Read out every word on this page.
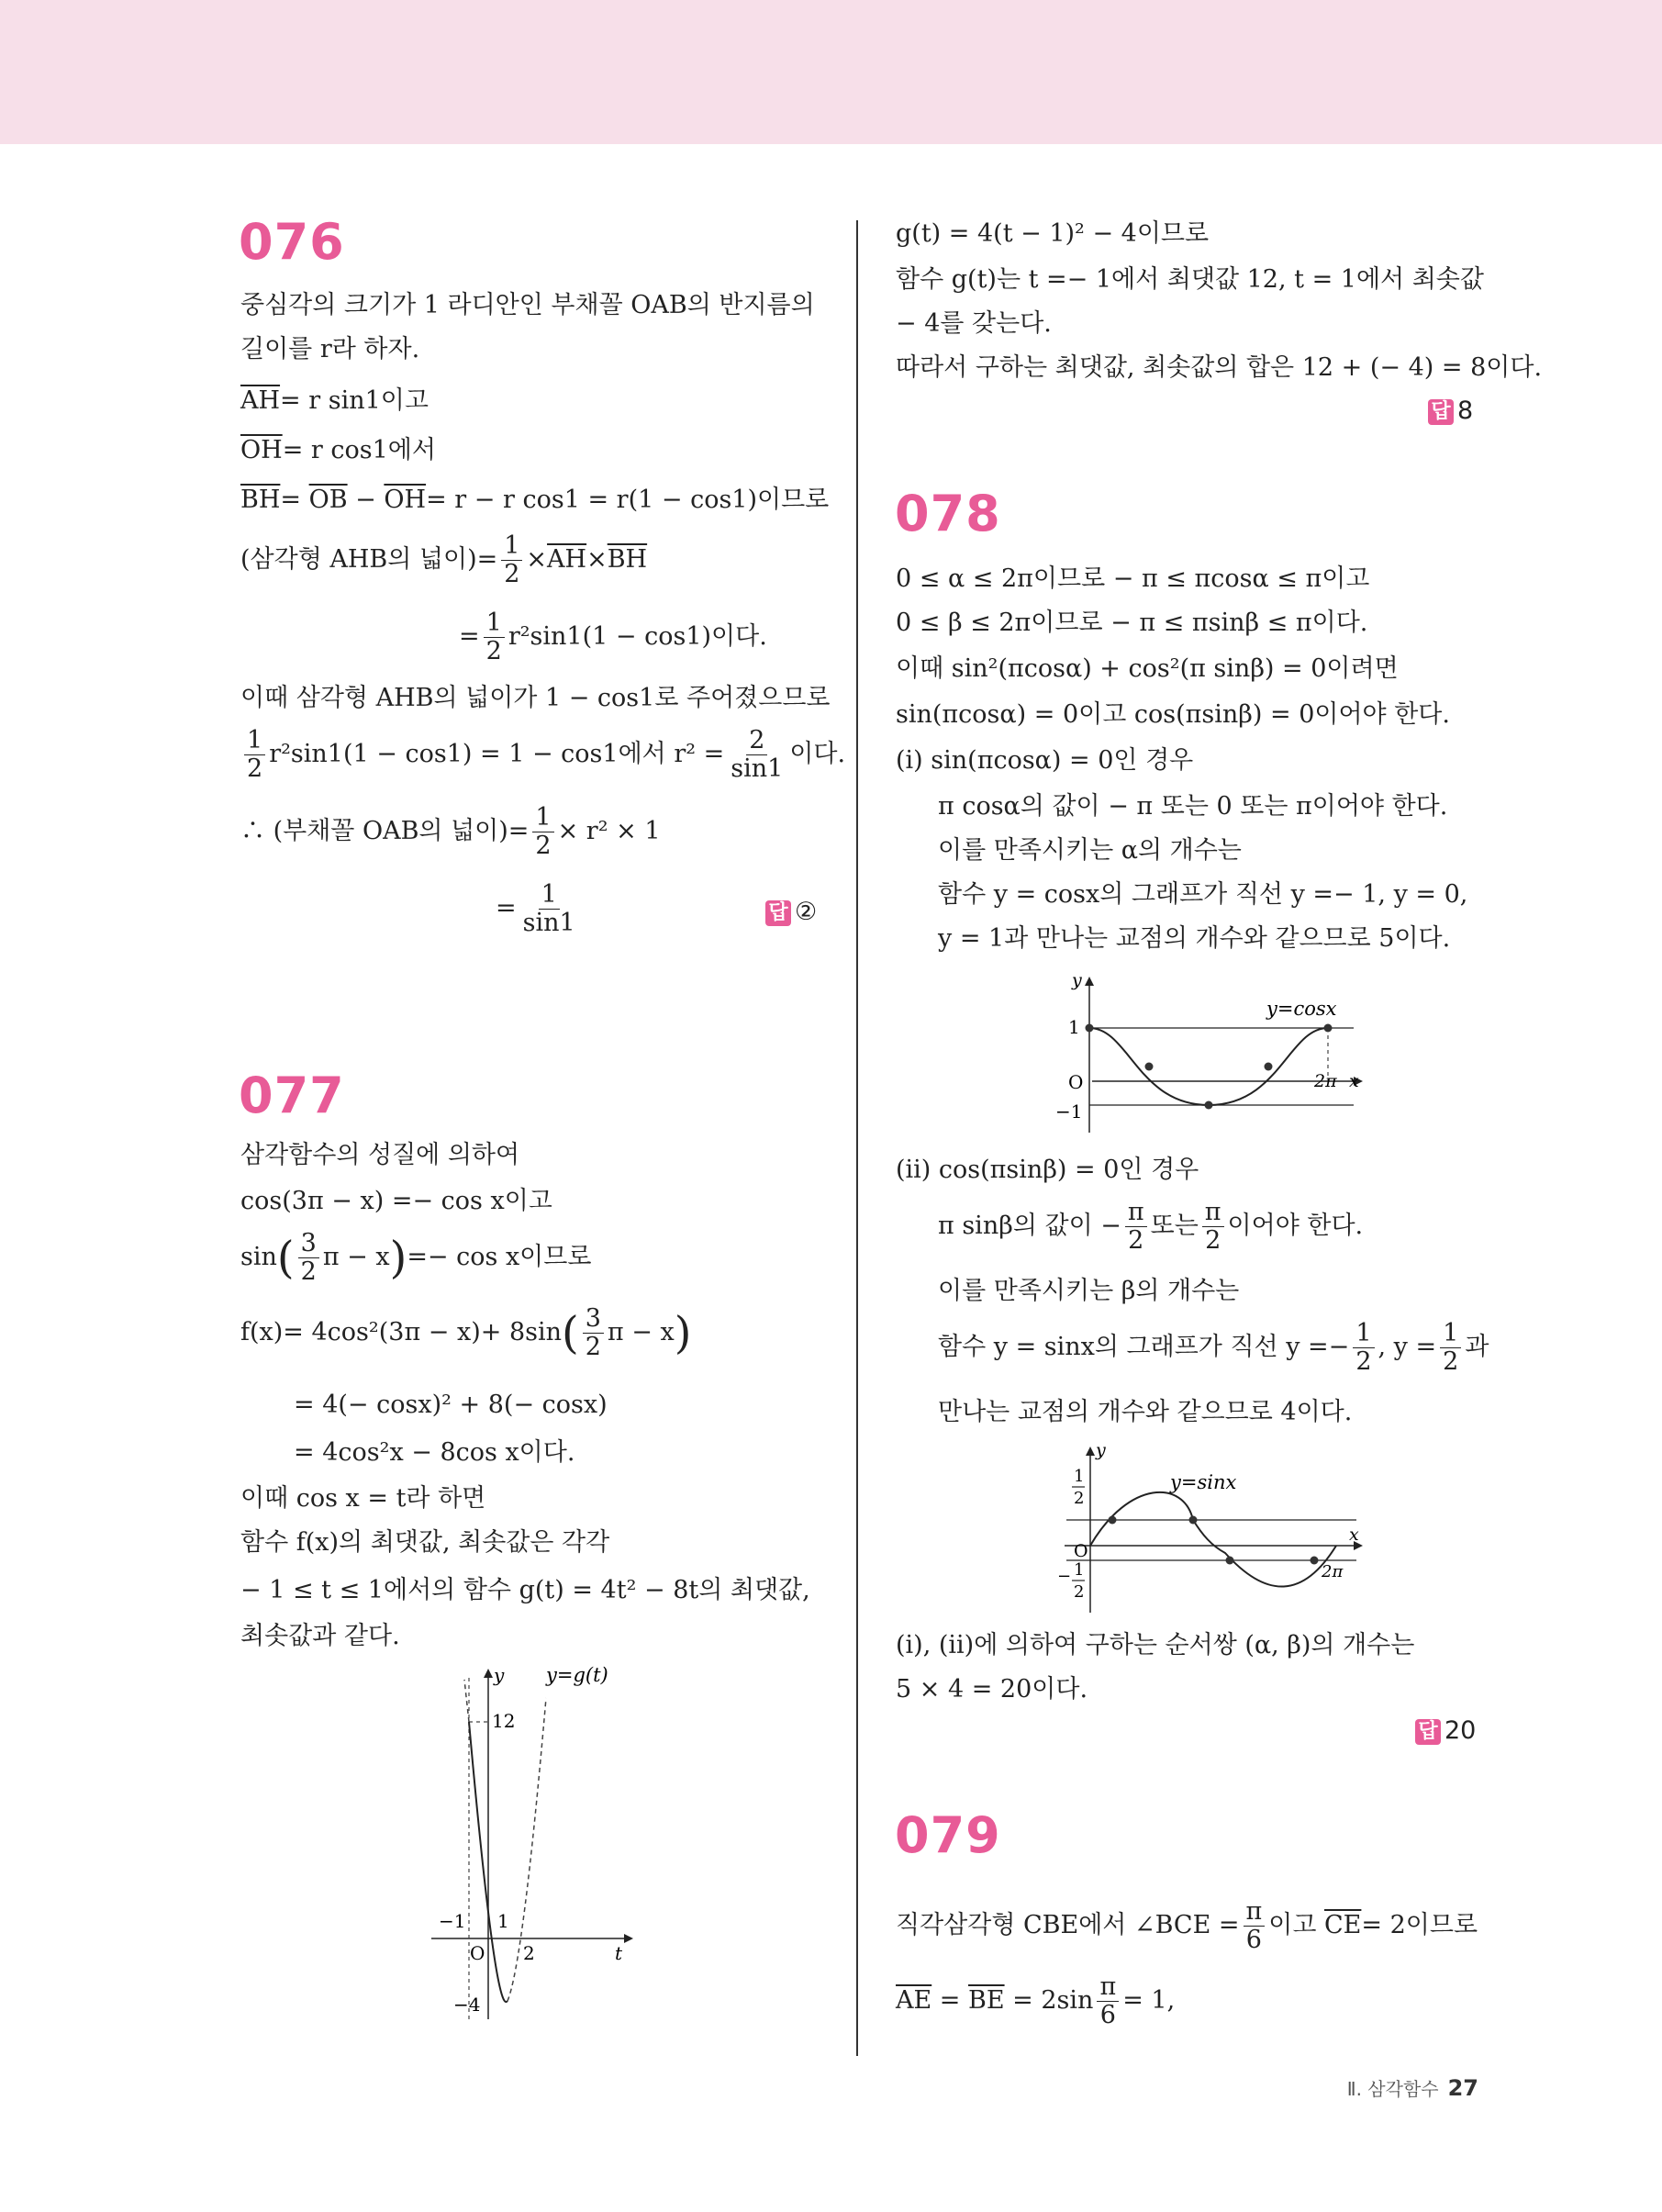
076
중심각의 크기가 1 라디안인 부채꼴 OAB의 반지름의
길이를 r라 하자.
$\overline{AH}= r$ sin1이고
$\overline{OH}= r$ cos1에서
$\overline{BH}= \overline{OB} - \overline{OH}= r - r$ cos1 = r(1 − cos1)이므로
(삼각형 AHB의 넓이)= $\frac{1}{2} \times\overline{AH}\times\overline{BH}$
= $\frac{1}{2} r^2\sin 1(1 - \cos 1)$이다.
이때 삼각형 AHB의 넓이가 1 − cos1로 주어졌으므로
$\frac{1}{2} r^2\sin 1(1 - \cos 1) = 1 - \cos 1$에서 $r^2 = \frac{2}{\sin 1}$ 이다.
∴ (부채꼴 OAB의 넓이)= $\frac{1}{2} \times r^2 \times 1$
= $\frac{1}{\sin 1}$	답 ②
077
삼각함수의 성질에 의하여
cos(3π − x) =− cos x이고
$\sin( \frac{3}{2}$ π − x)=− cos x이므로
$f(x)= 4\cos^2(3\pi - x)+ 8\sin( \frac{3}{2}$ π − x)
= 4(− cosx)² + 8(− cosx)
= 4cos²x − 8cos x이다.
이때 cos x = t라 하면
함수 f(x)의 최댓값, 최솟값은 각각
− 1 ≤ t ≤ 1에서의 함수 g(t) = 4t² − 8t의 최댓값,
최솟값과 같다.
y y=g(t)
12
−1 1
O 2	t
−4
g(t) = 4(t − 1)² − 4이므로
함수 g(t)는 t =− 1에서 최댓값 12, t = 1에서 최솟값
− 4를 갖는다.
따라서 구하는 최댓값, 최솟값의 합은 12 + (− 4) = 8이다.
답 8
078
0 ≤ α ≤ 2π이므로 − π ≤ πcosα ≤ π이고
0 ≤ β ≤ 2π이므로 − π ≤ πsinβ ≤ π이다.
이때 sin²(πcosα) + cos²(π sinβ) = 0이려면
sin(πcosα) = 0이고 cos(πsinβ) = 0이어야 한다.
(ⅰ) sin(πcosα) = 0인 경우
π cosα의 값이 − π 또는 0 또는 π이어야 한다.
이를 만족시키는 α의 개수는
함수 y = cosx의 그래프가 직선 y =− 1, y = 0,
y = 1과 만나는 교점의 개수와 같으므로 5이다.
y
1
O
−1
y=cosx
2π x
(ⅱ) cos(πsinβ) = 0인 경우
π sinβ의 값이 − $\frac{\pi}{2}$ 또는 $\frac{\pi}{2}$ 이어야 한다.
이를 만족시키는 β의 개수는
함수 y = sinx의 그래프가 직선 $y =- \frac{1}{2}$ , $y = \frac{1}{2}$ 과
만나는 교점의 개수와 같으므로 4이다.
y
y=sinx
1
2
O
− 1
2
2π
x
(ⅰ), (ⅱ)에 의하여 구하는 순서쌍 (α, β)의 개수는
5 × 4 = 20이다.
답 20
079
직각삼각형 CBE에서 ∠BCE = $\frac{\pi}{6}$ 이고 $\overline{CE}= 2$이므로
$\overline{AE} = \overline{BE} = 2\sin \frac{\pi}{6} = 1$,
Ⅱ. 삼각함수 27
